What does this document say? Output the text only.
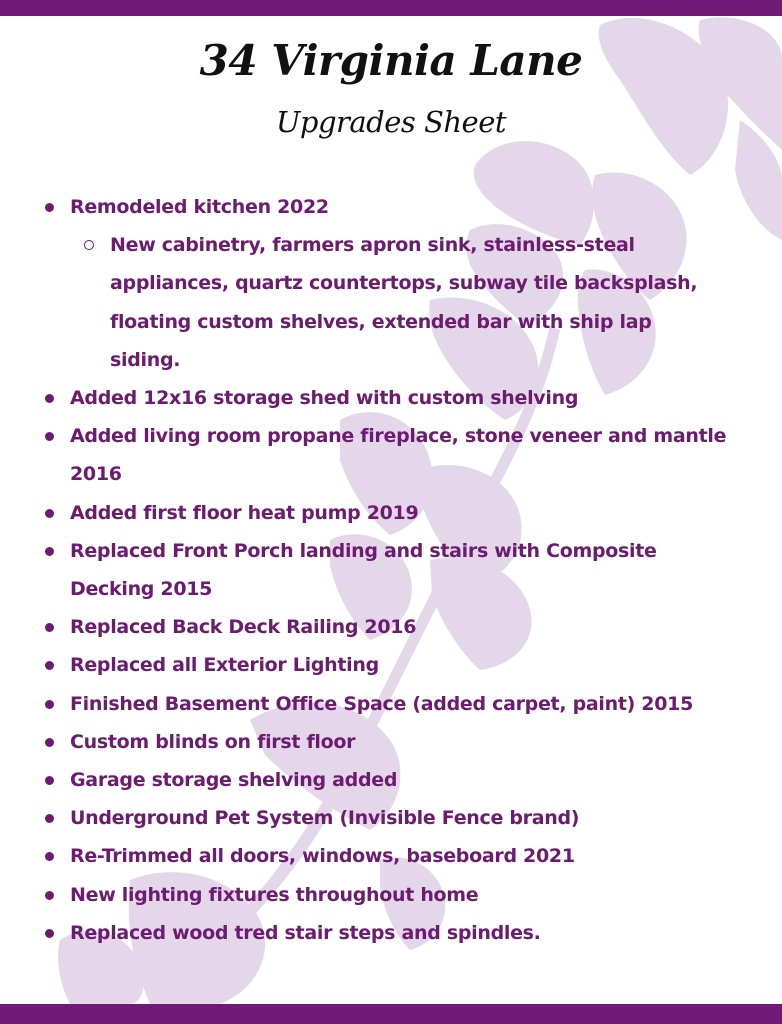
34 Virginia Lane
Upgrades Sheet
Remodeled kitchen 2022
New cabinetry, farmers apron sink, stainless-steal appliances, quartz countertops, subway tile backsplash, floating custom shelves, extended bar with ship lap siding.
Added 12x16 storage shed with custom shelving
Added living room propane fireplace, stone veneer and mantle 2016
Added first floor heat pump 2019
Replaced Front Porch landing and stairs with Composite Decking 2015
Replaced Back Deck Railing 2016
Replaced all Exterior Lighting
Finished Basement Office Space (added carpet, paint) 2015
Custom blinds on first floor
Garage storage shelving added
Underground Pet System (Invisible Fence brand)
Re-Trimmed all doors, windows, baseboard 2021
New lighting fixtures throughout home
Replaced wood tred stair steps and spindles.
